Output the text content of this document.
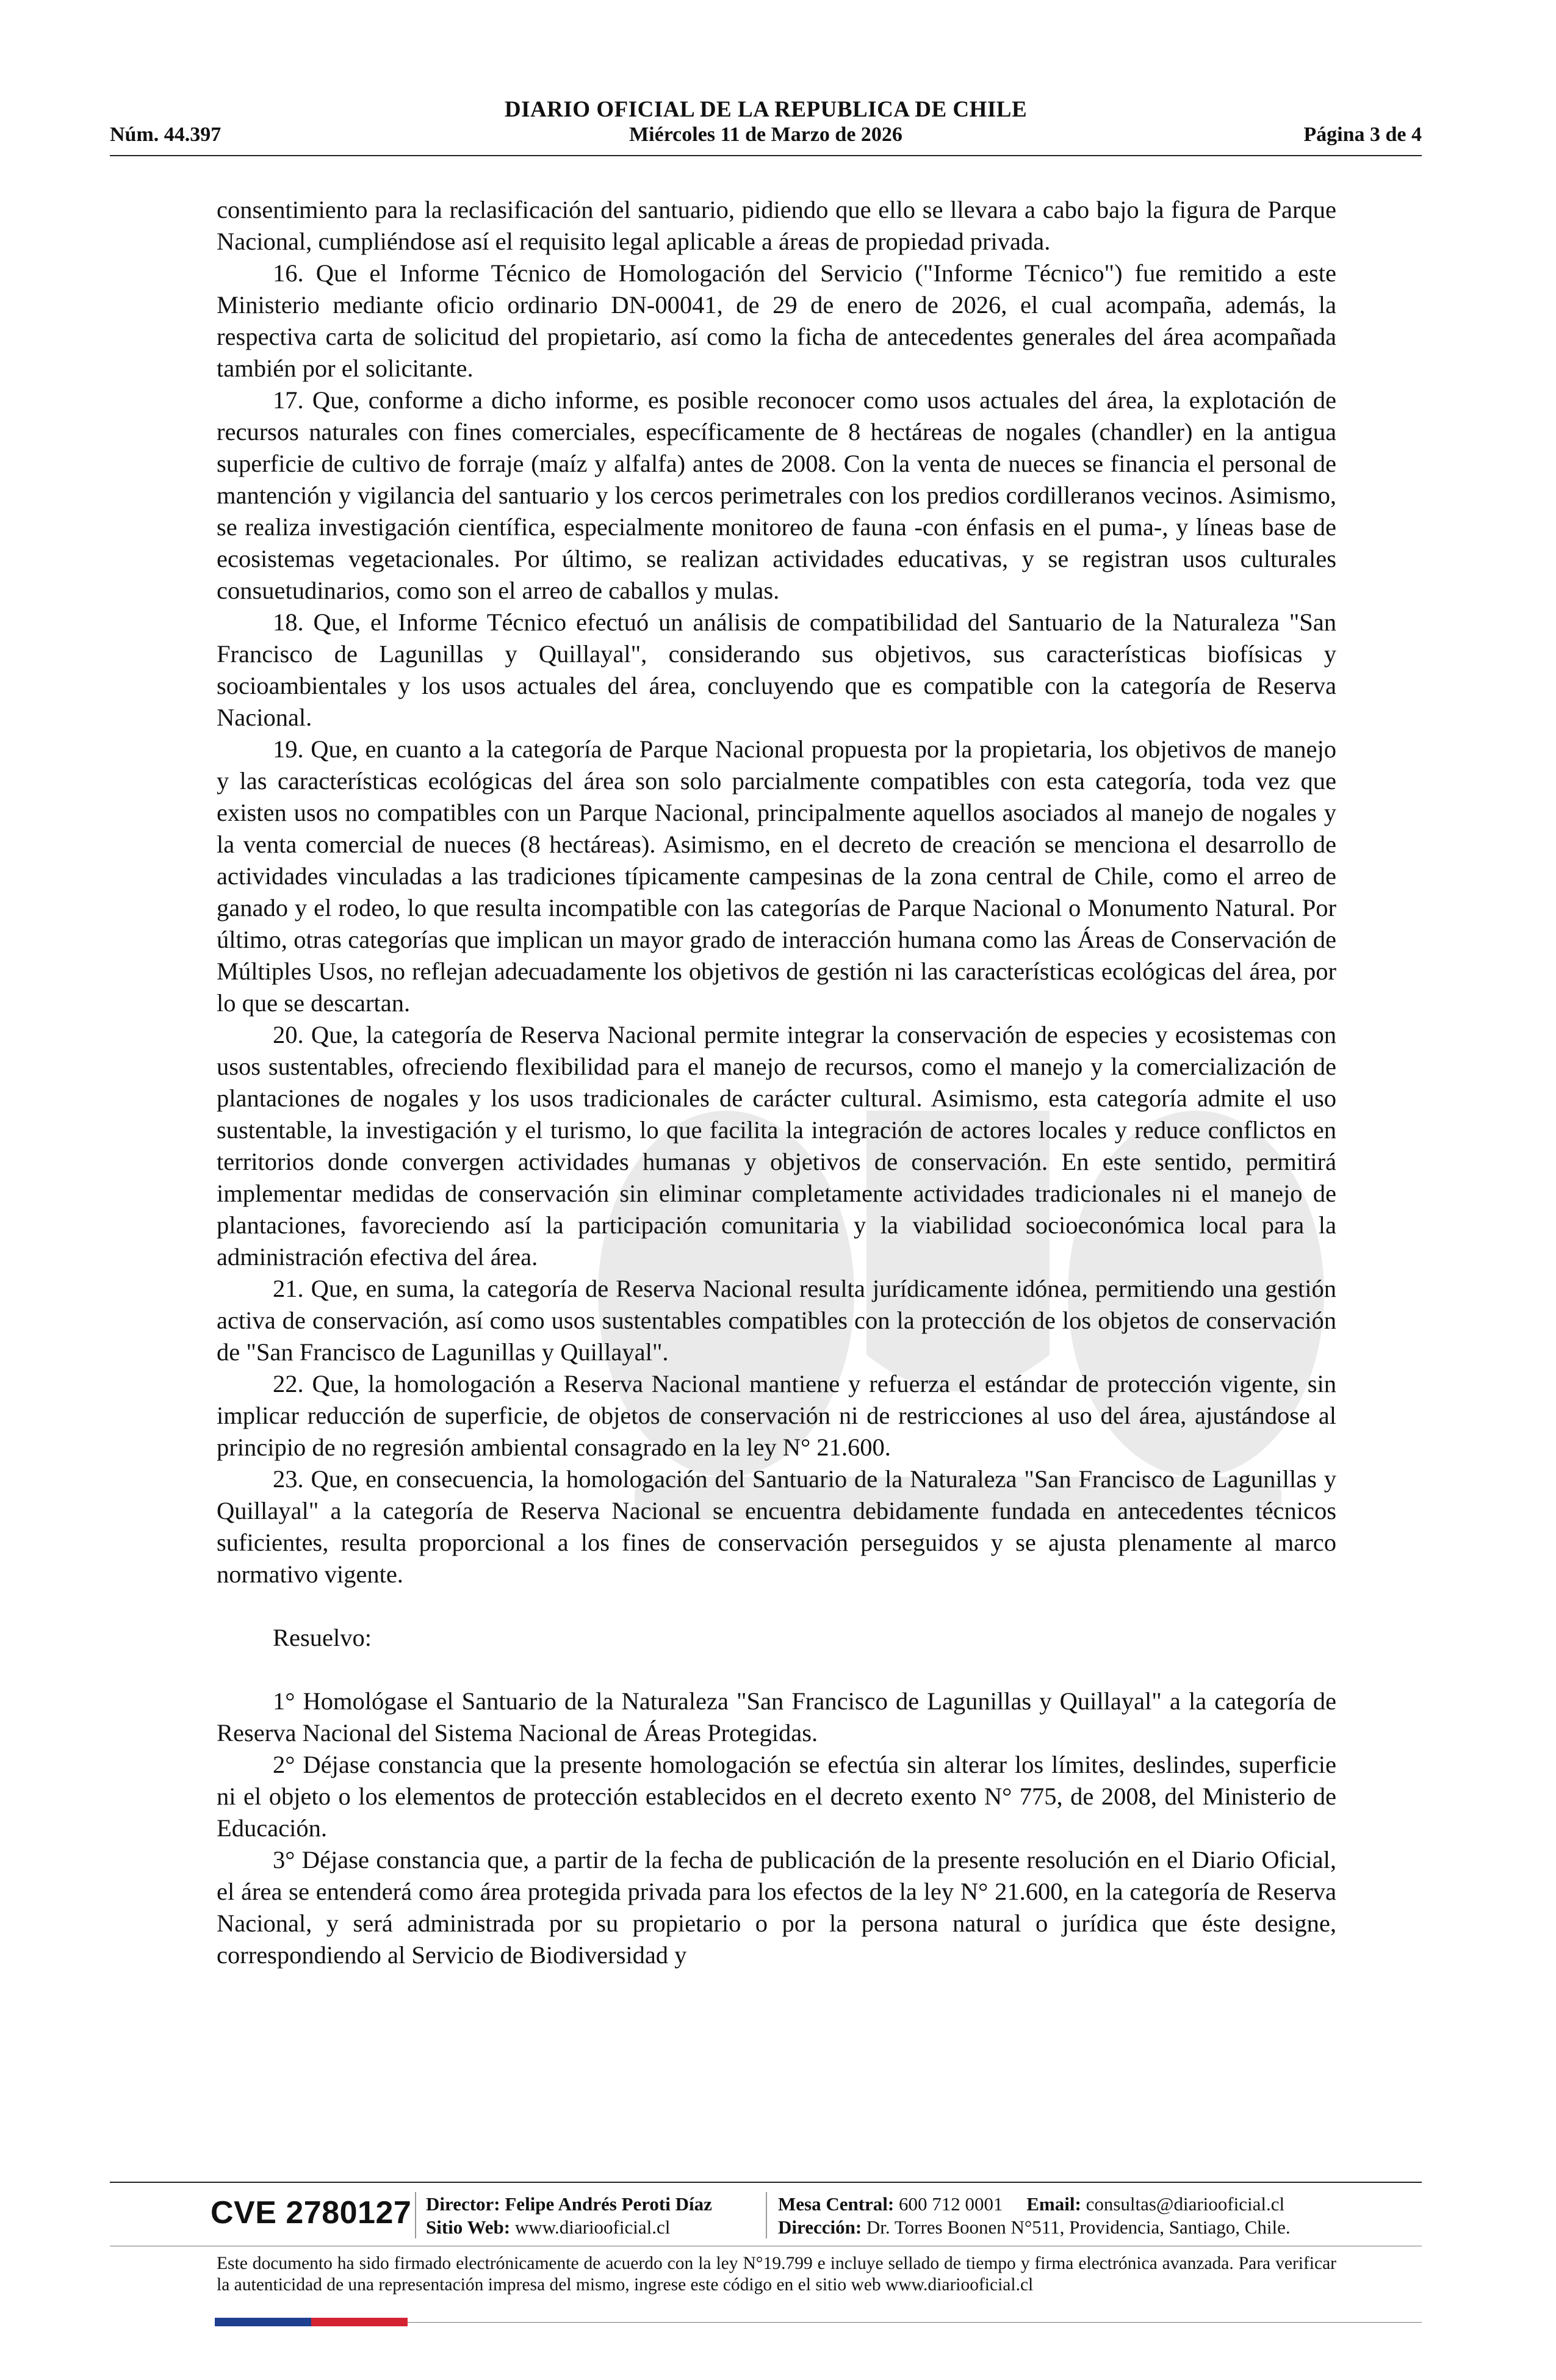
DIARIO OFICIAL DE LA REPUBLICA DE CHILE
Núm. 44.397	Miércoles 11 de Marzo de 2026	Página 3 de 4

consentimiento para la reclasificación del santuario, pidiendo que ello se llevara a cabo bajo la figura de Parque Nacional, cumpliéndose así el requisito legal aplicable a áreas de propiedad privada.

16. Que el Informe Técnico de Homologación del Servicio ("Informe Técnico") fue remitido a este Ministerio mediante oficio ordinario DN-00041, de 29 de enero de 2026, el cual acompaña, además, la respectiva carta de solicitud del propietario, así como la ficha de antecedentes generales del área acompañada también por el solicitante.

17. Que, conforme a dicho informe, es posible reconocer como usos actuales del área, la explotación de recursos naturales con fines comerciales, específicamente de 8 hectáreas de nogales (chandler) en la antigua superficie de cultivo de forraje (maíz y alfalfa) antes de 2008. Con la venta de nueces se financia el personal de mantención y vigilancia del santuario y los cercos perimetrales con los predios cordilleranos vecinos. Asimismo, se realiza investigación científica, especialmente monitoreo de fauna -con énfasis en el puma-, y líneas base de ecosistemas vegetacionales. Por último, se realizan actividades educativas, y se registran usos culturales consuetudinarios, como son el arreo de caballos y mulas.

18. Que, el Informe Técnico efectuó un análisis de compatibilidad del Santuario de la Naturaleza "San Francisco de Lagunillas y Quillayal", considerando sus objetivos, sus características biofísicas y socioambientales y los usos actuales del área, concluyendo que es compatible con la categoría de Reserva Nacional.

19. Que, en cuanto a la categoría de Parque Nacional propuesta por la propietaria, los objetivos de manejo y las características ecológicas del área son solo parcialmente compatibles con esta categoría, toda vez que existen usos no compatibles con un Parque Nacional, principalmente aquellos asociados al manejo de nogales y la venta comercial de nueces (8 hectáreas). Asimismo, en el decreto de creación se menciona el desarrollo de actividades vinculadas a las tradiciones típicamente campesinas de la zona central de Chile, como el arreo de ganado y el rodeo, lo que resulta incompatible con las categorías de Parque Nacional o Monumento Natural. Por último, otras categorías que implican un mayor grado de interacción humana como las Áreas de Conservación de Múltiples Usos, no reflejan adecuadamente los objetivos de gestión ni las características ecológicas del área, por lo que se descartan.

20. Que, la categoría de Reserva Nacional permite integrar la conservación de especies y ecosistemas con usos sustentables, ofreciendo flexibilidad para el manejo de recursos, como el manejo y la comercialización de plantaciones de nogales y los usos tradicionales de carácter cultural. Asimismo, esta categoría admite el uso sustentable, la investigación y el turismo, lo que facilita la integración de actores locales y reduce conflictos en territorios donde convergen actividades humanas y objetivos de conservación. En este sentido, permitirá implementar medidas de conservación sin eliminar completamente actividades tradicionales ni el manejo de plantaciones, favoreciendo así la participación comunitaria y la viabilidad socioeconómica local para la administración efectiva del área.

21. Que, en suma, la categoría de Reserva Nacional resulta jurídicamente idónea, permitiendo una gestión activa de conservación, así como usos sustentables compatibles con la protección de los objetos de conservación de "San Francisco de Lagunillas y Quillayal".

22. Que, la homologación a Reserva Nacional mantiene y refuerza el estándar de protección vigente, sin implicar reducción de superficie, de objetos de conservación ni de restricciones al uso del área, ajustándose al principio de no regresión ambiental consagrado en la ley N° 21.600.

23. Que, en consecuencia, la homologación del Santuario de la Naturaleza "San Francisco de Lagunillas y Quillayal" a la categoría de Reserva Nacional se encuentra debidamente fundada en antecedentes técnicos suficientes, resulta proporcional a los fines de conservación perseguidos y se ajusta plenamente al marco normativo vigente.

Resuelvo:

1° Homológase el Santuario de la Naturaleza "San Francisco de Lagunillas y Quillayal" a la categoría de Reserva Nacional del Sistema Nacional de Áreas Protegidas.

2° Déjase constancia que la presente homologación se efectúa sin alterar los límites, deslindes, superficie ni el objeto o los elementos de protección establecidos en el decreto exento N° 775, de 2008, del Ministerio de Educación.

3° Déjase constancia que, a partir de la fecha de publicación de la presente resolución en el Diario Oficial, el área se entenderá como área protegida privada para los efectos de la ley N° 21.600, en la categoría de Reserva Nacional, y será administrada por su propietario o por la persona natural o jurídica que éste designe, correspondiendo al Servicio de Biodiversidad y

CVE 2780127 Director: Felipe Andrés Peroti Díaz
Sitio Web: www.diariooficial.cl
Mesa Central: 600 712 0001 Email: consultas@diariooficial.cl
Dirección: Dr. Torres Boonen N°511, Providencia, Santiago, Chile.
Este documento ha sido firmado electrónicamente de acuerdo con la ley N°19.799 e incluye sellado de tiempo y firma electrónica avanzada. Para verificar la autenticidad de una representación impresa del mismo, ingrese este código en el sitio web www.diariooficial.cl
